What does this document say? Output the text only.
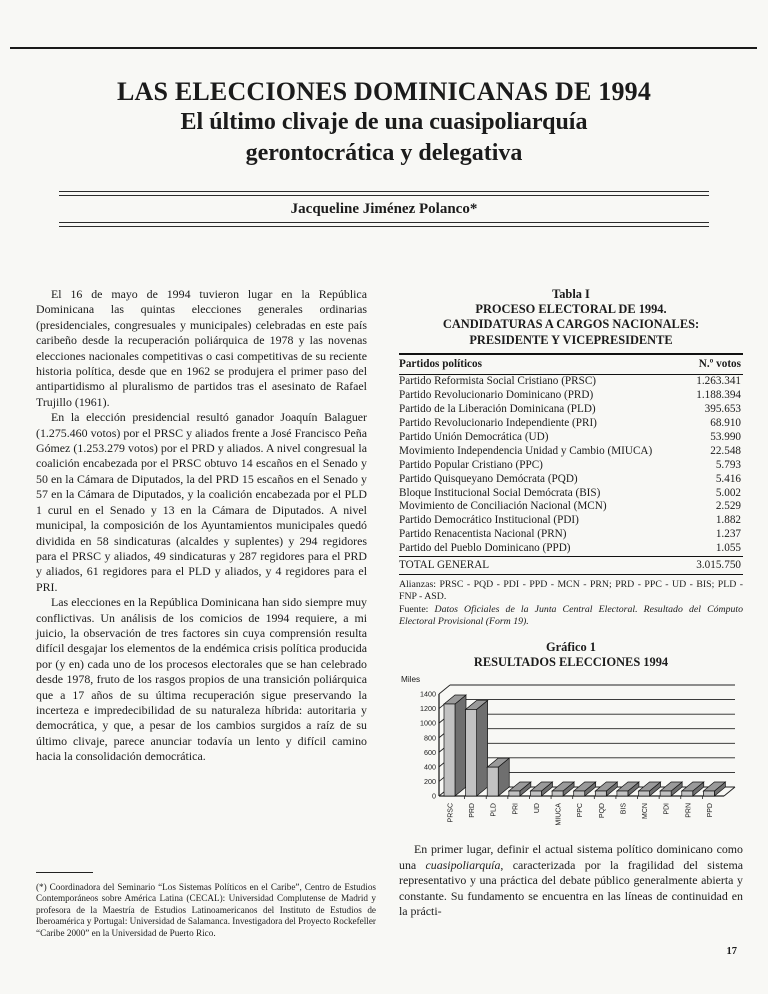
LAS ELECCIONES DOMINICANAS DE 1994
El último clivaje de una cuasipoliarquía
gerontocrática y delegativa
Jacqueline Jiménez Polanco*

El 16 de mayo de 1994 tuvieron lugar en la República Dominicana las quintas elecciones generales ordinarias (presidenciales, congresuales y municipales) celebradas en este país caribeño desde la recuperación poliárquica de 1978 y las novenas elecciones nacionales competitivas o casi competitivas de su reciente historia política, desde que en 1962 se produjera el primer paso del antipartidismo al pluralismo de partidos tras el asesinato de Rafael Trujillo (1961).

En la elección presidencial resultó ganador Joaquín Balaguer (1.275.460 votos) por el PRSC y aliados frente a José Francisco Peña Gómez (1.253.279 votos) por el PRD y aliados. A nivel congresual la coalición encabezada por el PRSC obtuvo 14 escaños en el Senado y 50 en la Cámara de Diputados, la del PRD 15 escaños en el Senado y 57 en la Cámara de Diputados, y la coalición encabezada por el PLD 1 curul en el Senado y 13 en la Cámara de Diputados. A nivel municipal, la composición de los Ayuntamientos municipales quedó dividida en 58 sindicaturas (alcaldes y suplentes) y 294 regidores para el PRSC y aliados, 49 sindicaturas y 287 regidores para el PRD y aliados, 61 regidores para el PLD y aliados, y 4 regidores para el PRI.

Las elecciones en la República Dominicana han sido siempre muy conflictivas. Un análisis de los comicios de 1994 requiere, a mi juicio, la observación de tres factores sin cuya comprensión resulta difícil desgajar los elementos de la endémica crisis política producida por (y en) cada uno de los procesos electorales que se han celebrado desde 1978, fruto de los rasgos propios de una transición poliárquica que a 17 años de su última recuperación sigue preservando la incerteza e impredecibilidad de su naturaleza híbrida: autoritaria y democrática, y que, a pesar de los cambios surgidos a raíz de su último clivaje, parece anunciar todavía un lento y difícil camino hacia la consolidación democrática.

(*) Coordinadora del Seminario “Los Sistemas Políticos en el Caribe”, Centro de Estudios Contemporáneos sobre América Latina (CECAL): Universidad Complutense de Madrid y profesora de la Maestría de Estudios Latinoamericanos del Instituto de Estudios de Iberoamérica y Portugal: Universidad de Salamanca. Investigadora del Proyecto Rockefeller “Caribe 2000” en la Universidad de Puerto Rico.
Tabla I
PROCESO ELECTORAL DE 1994.
CANDIDATURAS A CARGOS NACIONALES:
PRESIDENTE Y VICEPRESIDENTE
Partidos políticos	N.º votos
Partido Reformista Social Cristiano (PRSC)	1.263.341
Partido Revolucionario Dominicano (PRD)	1.188.394
Partido de la Liberación Dominicana (PLD)	395.653
Partido Revolucionario Independiente (PRI)	68.910
Partido Unión Democrática (UD)	53.990
Movimiento Independencia Unidad y Cambio (MIUCA)	22.548
Partido Popular Cristiano (PPC)	5.793
Partido Quisqueyano Demócrata (PQD)	5.416
Bloque Institucional Social Demócrata (BIS)	5.002
Movimiento de Conciliación Nacional (MCN)	2.529
Partido Democrático Institucional (PDI)	1.882
Partido Renacentista Nacional (PRN)	1.237
Partido del Pueblo Dominicano (PPD)	1.055
TOTAL GENERAL	3.015.750
Alianzas: PRSC - PQD - PDI - PPD - MCN - PRN; PRD - PPC - UD - BIS; PLD - FNP - ASD.
Fuente: Datos Oficiales de la Junta Central Electoral. Resultado del Cómputo Electoral Provisional (Form 19).
Gráfico 1
RESULTADOS ELECCIONES 1994
0
200
400
600
800
1000
1200
1400
Miles
PRSC PRD PLD PRI UD MIUCA PPC PQD BIS MCN PDI PRN PPD

En primer lugar, definir el actual sistema político dominicano como una cuasipoliarquía, caracterizada por la fragilidad del sistema representativo y una práctica del debate público generalmente abierta y constante. Su fundamento se encuentra en las líneas de continuidad en la prácti-

17
